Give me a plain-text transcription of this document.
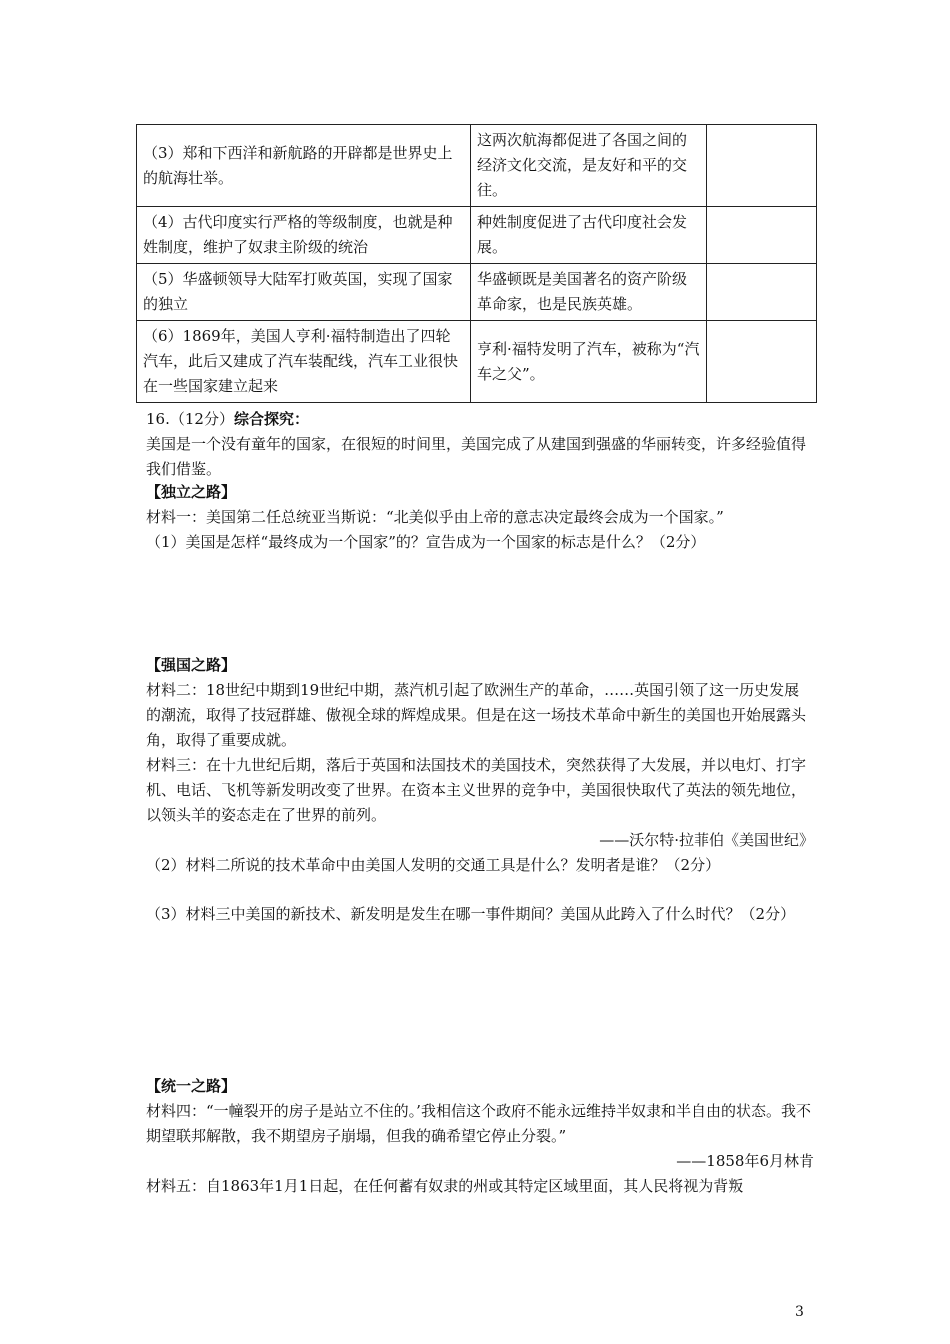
（3）郑和下西洋和新航路的开辟都是世界史上的航海壮举。	这两次航海都促进了各国之间的经济文化交流，是友好和平的交往。	
（4）古代印度实行严格的等级制度，也就是种姓制度，维护了奴隶主阶级的统治	种姓制度促进了古代印度社会发展。	
（5）华盛顿领导大陆军打败英国，实现了国家的独立	华盛顿既是美国著名的资产阶级革命家，也是民族英雄。	
（6）1869年，美国人亨利·福特制造出了四轮汽车，此后又建成了汽车装配线，汽车工业很快在一些国家建立起来	亨利·福特发明了汽车，被称为“汽车之父”。	
16.（12分）综合探究：
美国是一个没有童年的国家，在很短的时间里，美国完成了从建国到强盛的华丽转变，许多经验值得我们借鉴。
【独立之路】
材料一：美国第二任总统亚当斯说：“北美似乎由上帝的意志决定最终会成为一个国家。”
（1）美国是怎样“最终成为一个国家”的？宣告成为一个国家的标志是什么？（2分）
【强国之路】
材料二：18世纪中期到19世纪中期，蒸汽机引起了欧洲生产的革命，……英国引领了这一历史发展的潮流，取得了技冠群雄、傲视全球的辉煌成果。但是在这一场技术革命中新生的美国也开始展露头角，取得了重要成就。
材料三：在十九世纪后期，落后于英国和法国技术的美国技术，突然获得了大发展，并以电灯、打字机、电话、飞机等新发明改变了世界。在资本主义世界的竞争中，美国很快取代了英法的领先地位，以领头羊的姿态走在了世界的前列。
——沃尔特·拉菲伯《美国世纪》
（2）材料二所说的技术革命中由美国人发明的交通工具是什么？发明者是谁？（2分）
（3）材料三中美国的新技术、新发明是发生在哪一事件期间？美国从此跨入了什么时代？（2分）
【统一之路】
材料四：“一幢裂开的房子是站立不住的。’我相信这个政府不能永远维持半奴隶和半自由的状态。我不期望联邦解散，我不期望房子崩塌，但我的确希望它停止分裂。”
——1858年6月林肯
材料五：自1863年1月1日起，在任何蓄有奴隶的州或其特定区域里面，其人民将视为背叛
3
